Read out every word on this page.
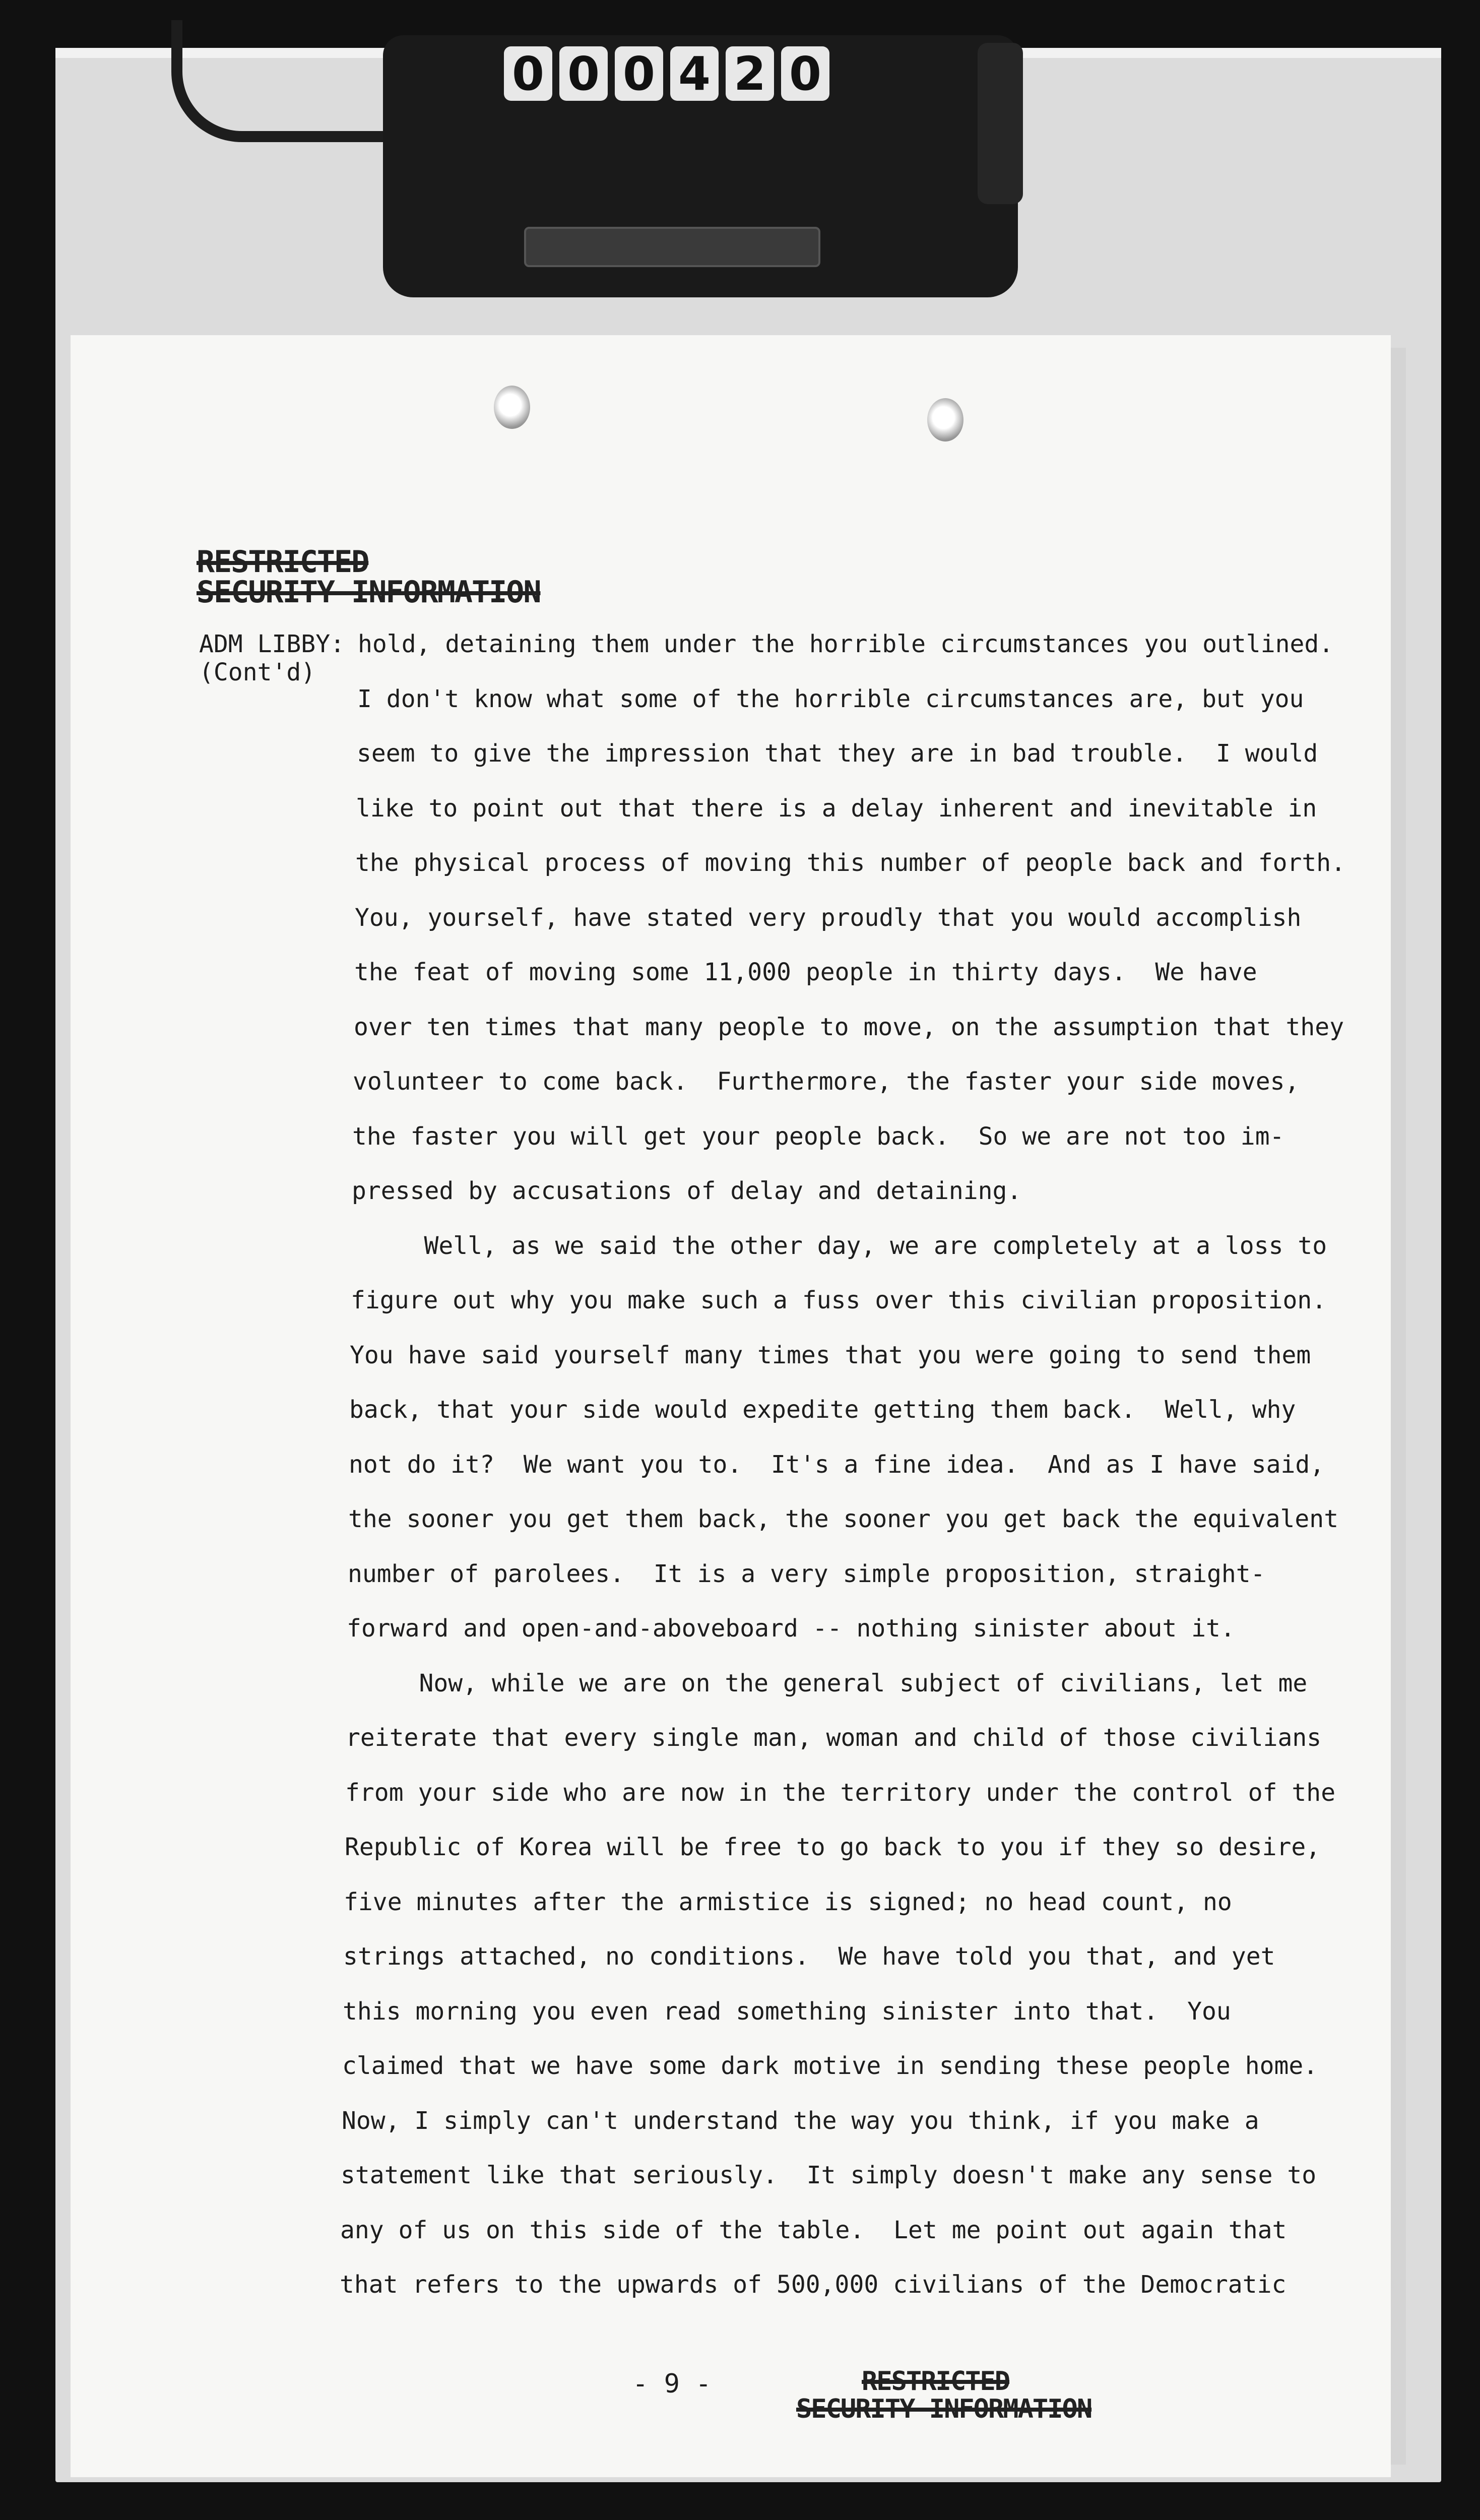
0 0 0 4 2 0
RESTRICTED
SECURITY INFORMATION
ADM LIBBY:
(Cont'd)
hold, detaining them under the horrible circumstances you outlined.
I don't know what some of the horrible circumstances are, but you
seem to give the impression that they are in bad trouble.  I would
like to point out that there is a delay inherent and inevitable in
the physical process of moving this number of people back and forth.
You, yourself, have stated very proudly that you would accomplish
the feat of moving some 11,000 people in thirty days.  We have
over ten times that many people to move, on the assumption that they
volunteer to come back.  Furthermore, the faster your side moves,
the faster you will get your people back.  So we are not too im-
pressed by accusations of delay and detaining.
Well, as we said the other day, we are completely at a loss to
figure out why you make such a fuss over this civilian proposition.
You have said yourself many times that you were going to send them
back, that your side would expedite getting them back.  Well, why
not do it?  We want you to.  It's a fine idea.  And as I have said,
the sooner you get them back, the sooner you get back the equivalent
number of parolees.  It is a very simple proposition, straight-
forward and open-and-aboveboard -- nothing sinister about it.
Now, while we are on the general subject of civilians, let me
reiterate that every single man, woman and child of those civilians
from your side who are now in the territory under the control of the
Republic of Korea will be free to go back to you if they so desire,
five minutes after the armistice is signed; no head count, no
strings attached, no conditions.  We have told you that, and yet
this morning you even read something sinister into that.  You
claimed that we have some dark motive in sending these people home.
Now, I simply can't understand the way you think, if you make a
statement like that seriously.  It simply doesn't make any sense to
any of us on this side of the table.  Let me point out again that
that refers to the upwards of 500,000 civilians of the Democratic
- 9 -	RESTRICTED
SECURITY INFORMATION
